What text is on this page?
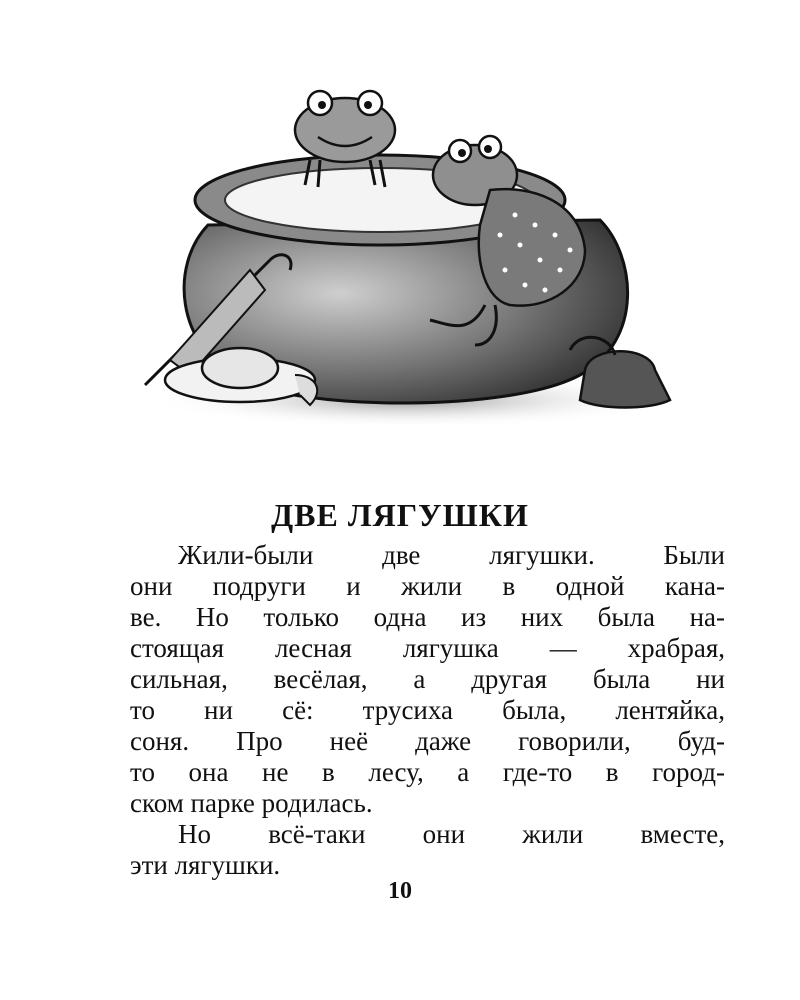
ДВЕ ЛЯГУШКИ
Жили-были две лягушки. Были
они подруги и жили в одной кана-
ве. Но только одна из них была на-
стоящая лесная лягушка — храбрая,
сильная, весёлая, а другая была ни
то ни сё: трусиха была, лентяйка,
соня. Про неё даже говорили, буд-
то она не в лесу, а где-то в город-
ском парке родилась.
Но всё-таки они жили вместе,
эти лягушки.
10
